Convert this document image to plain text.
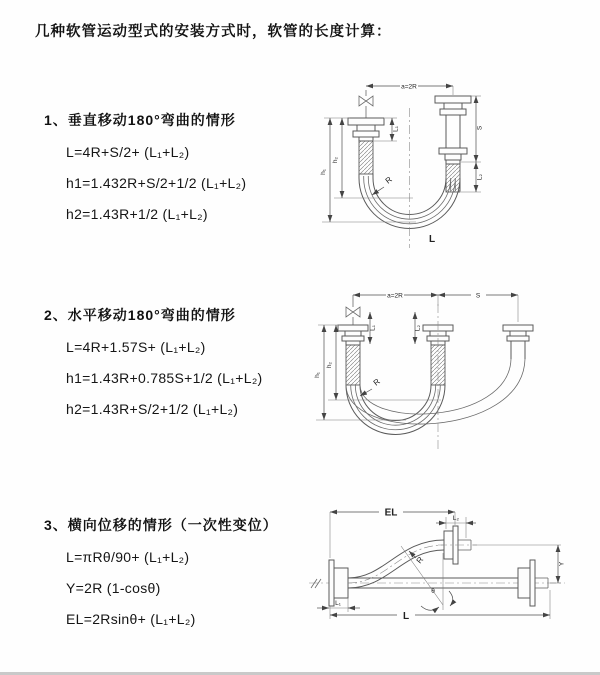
几种软管运动型式的安装方式时，软管的长度计算：
1、垂直移动180°弯曲的情形
L=4R+S/2+ (L₁+L₂)
h1=1.432R+S/2+1/2 (L₁+L₂)
h2=1.43R+1/2 (L₁+L₂)
2、水平移动180°弯曲的情形
L=4R+1.57S+ (L₁+L₂)
h1=1.43R+0.785S+1/2 (L₁+L₂)
h2=1.43R+S/2+1/2 (L₁+L₂)
3、横向位移的情形（一次性变位）
L=πRθ/90+ (L₁+L₂)
Y=2R (1-cosθ)
EL=2Rsinθ+ (L₁+L₂)
a=2R
L₁	S
L₂
h₁
h₂
R
L
a=2R	S
L₁	L₂
h₁
h₂
R
EL	L₂
θ
R	Y
L₁
L
